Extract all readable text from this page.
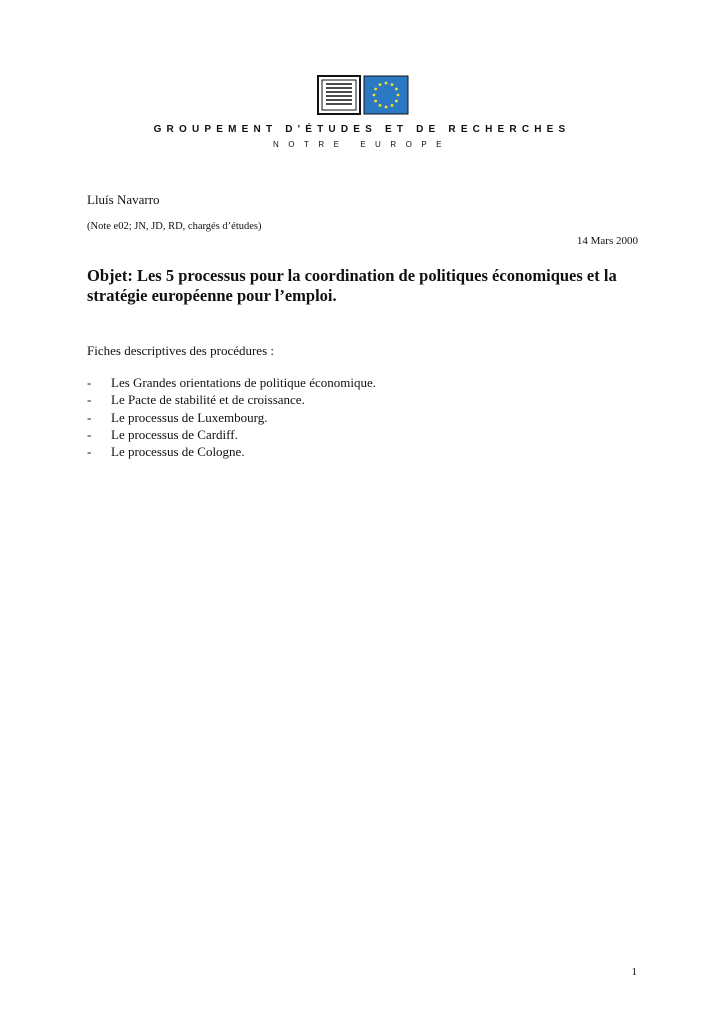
GROUPEMENT D'ÉTUDES ET DE RECHERCHES
NOTRE EUROPE
Lluís Navarro
(Note e02; JN, JD, RD, chargés d’études)
14 Mars 2000
Objet: Les 5 processus pour la coordination de politiques économiques et la stratégie européenne pour l’emploi.
Fiches descriptives des procédures :
-	Les Grandes orientations de politique économique.
-	Le Pacte de stabilité et de croissance.
-	Le processus de Luxembourg.
-	Le processus de Cardiff.
-	Le processus de Cologne.
1
